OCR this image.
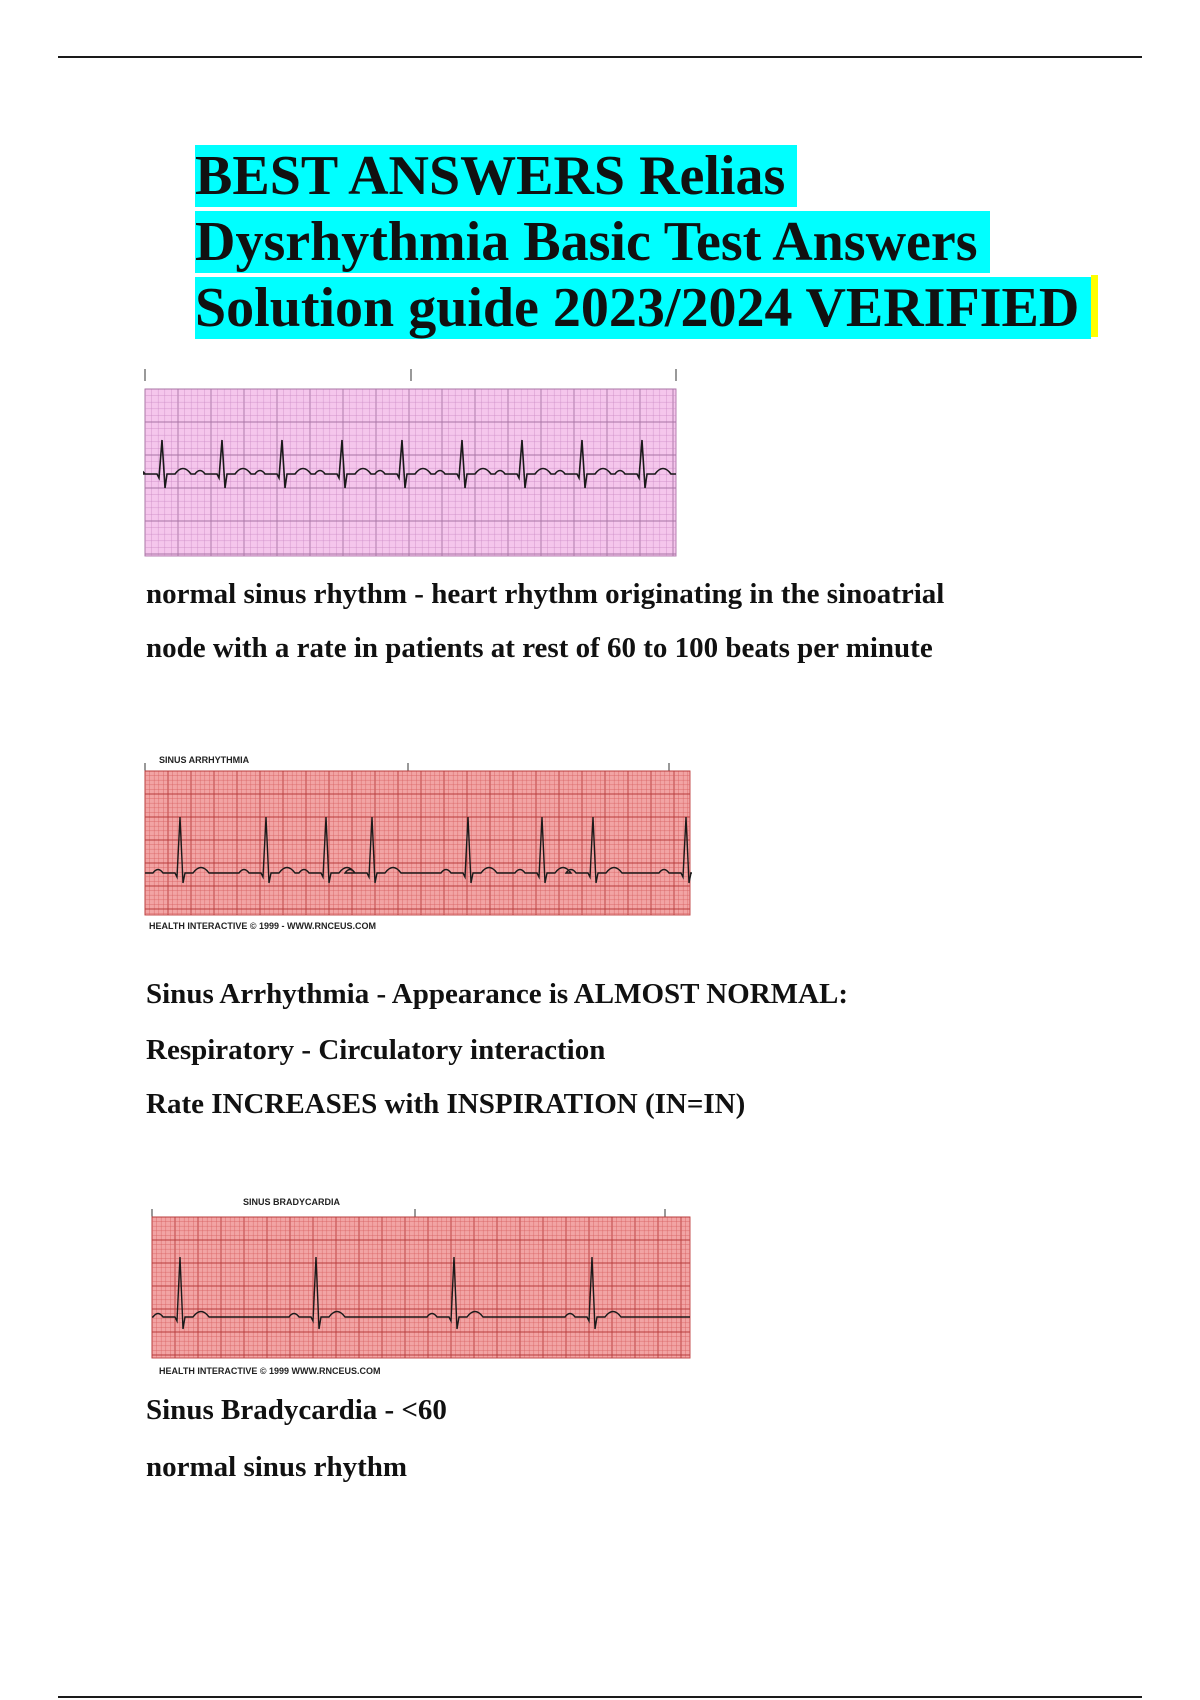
BEST ANSWERS Relias
Dysrhythmia Basic Test Answers
Solution guide 2023/2024 VERIFIED

normal sinus rhythm - heart rhythm originating in the sinoatrial

node with a rate in patients at rest of 60 to 100 beats per minute

SINUS ARRHYTHMIA
HEALTH INTERACTIVE © 1999 - WWW.RNCEUS.COM

Sinus Arrhythmia - Appearance is ALMOST NORMAL:

Respiratory - Circulatory interaction

Rate INCREASES with INSPIRATION (IN=IN)

SINUS BRADYCARDIA
HEALTH INTERACTIVE © 1999 WWW.RNCEUS.COM

Sinus Bradycardia - <60

normal sinus rhythm
